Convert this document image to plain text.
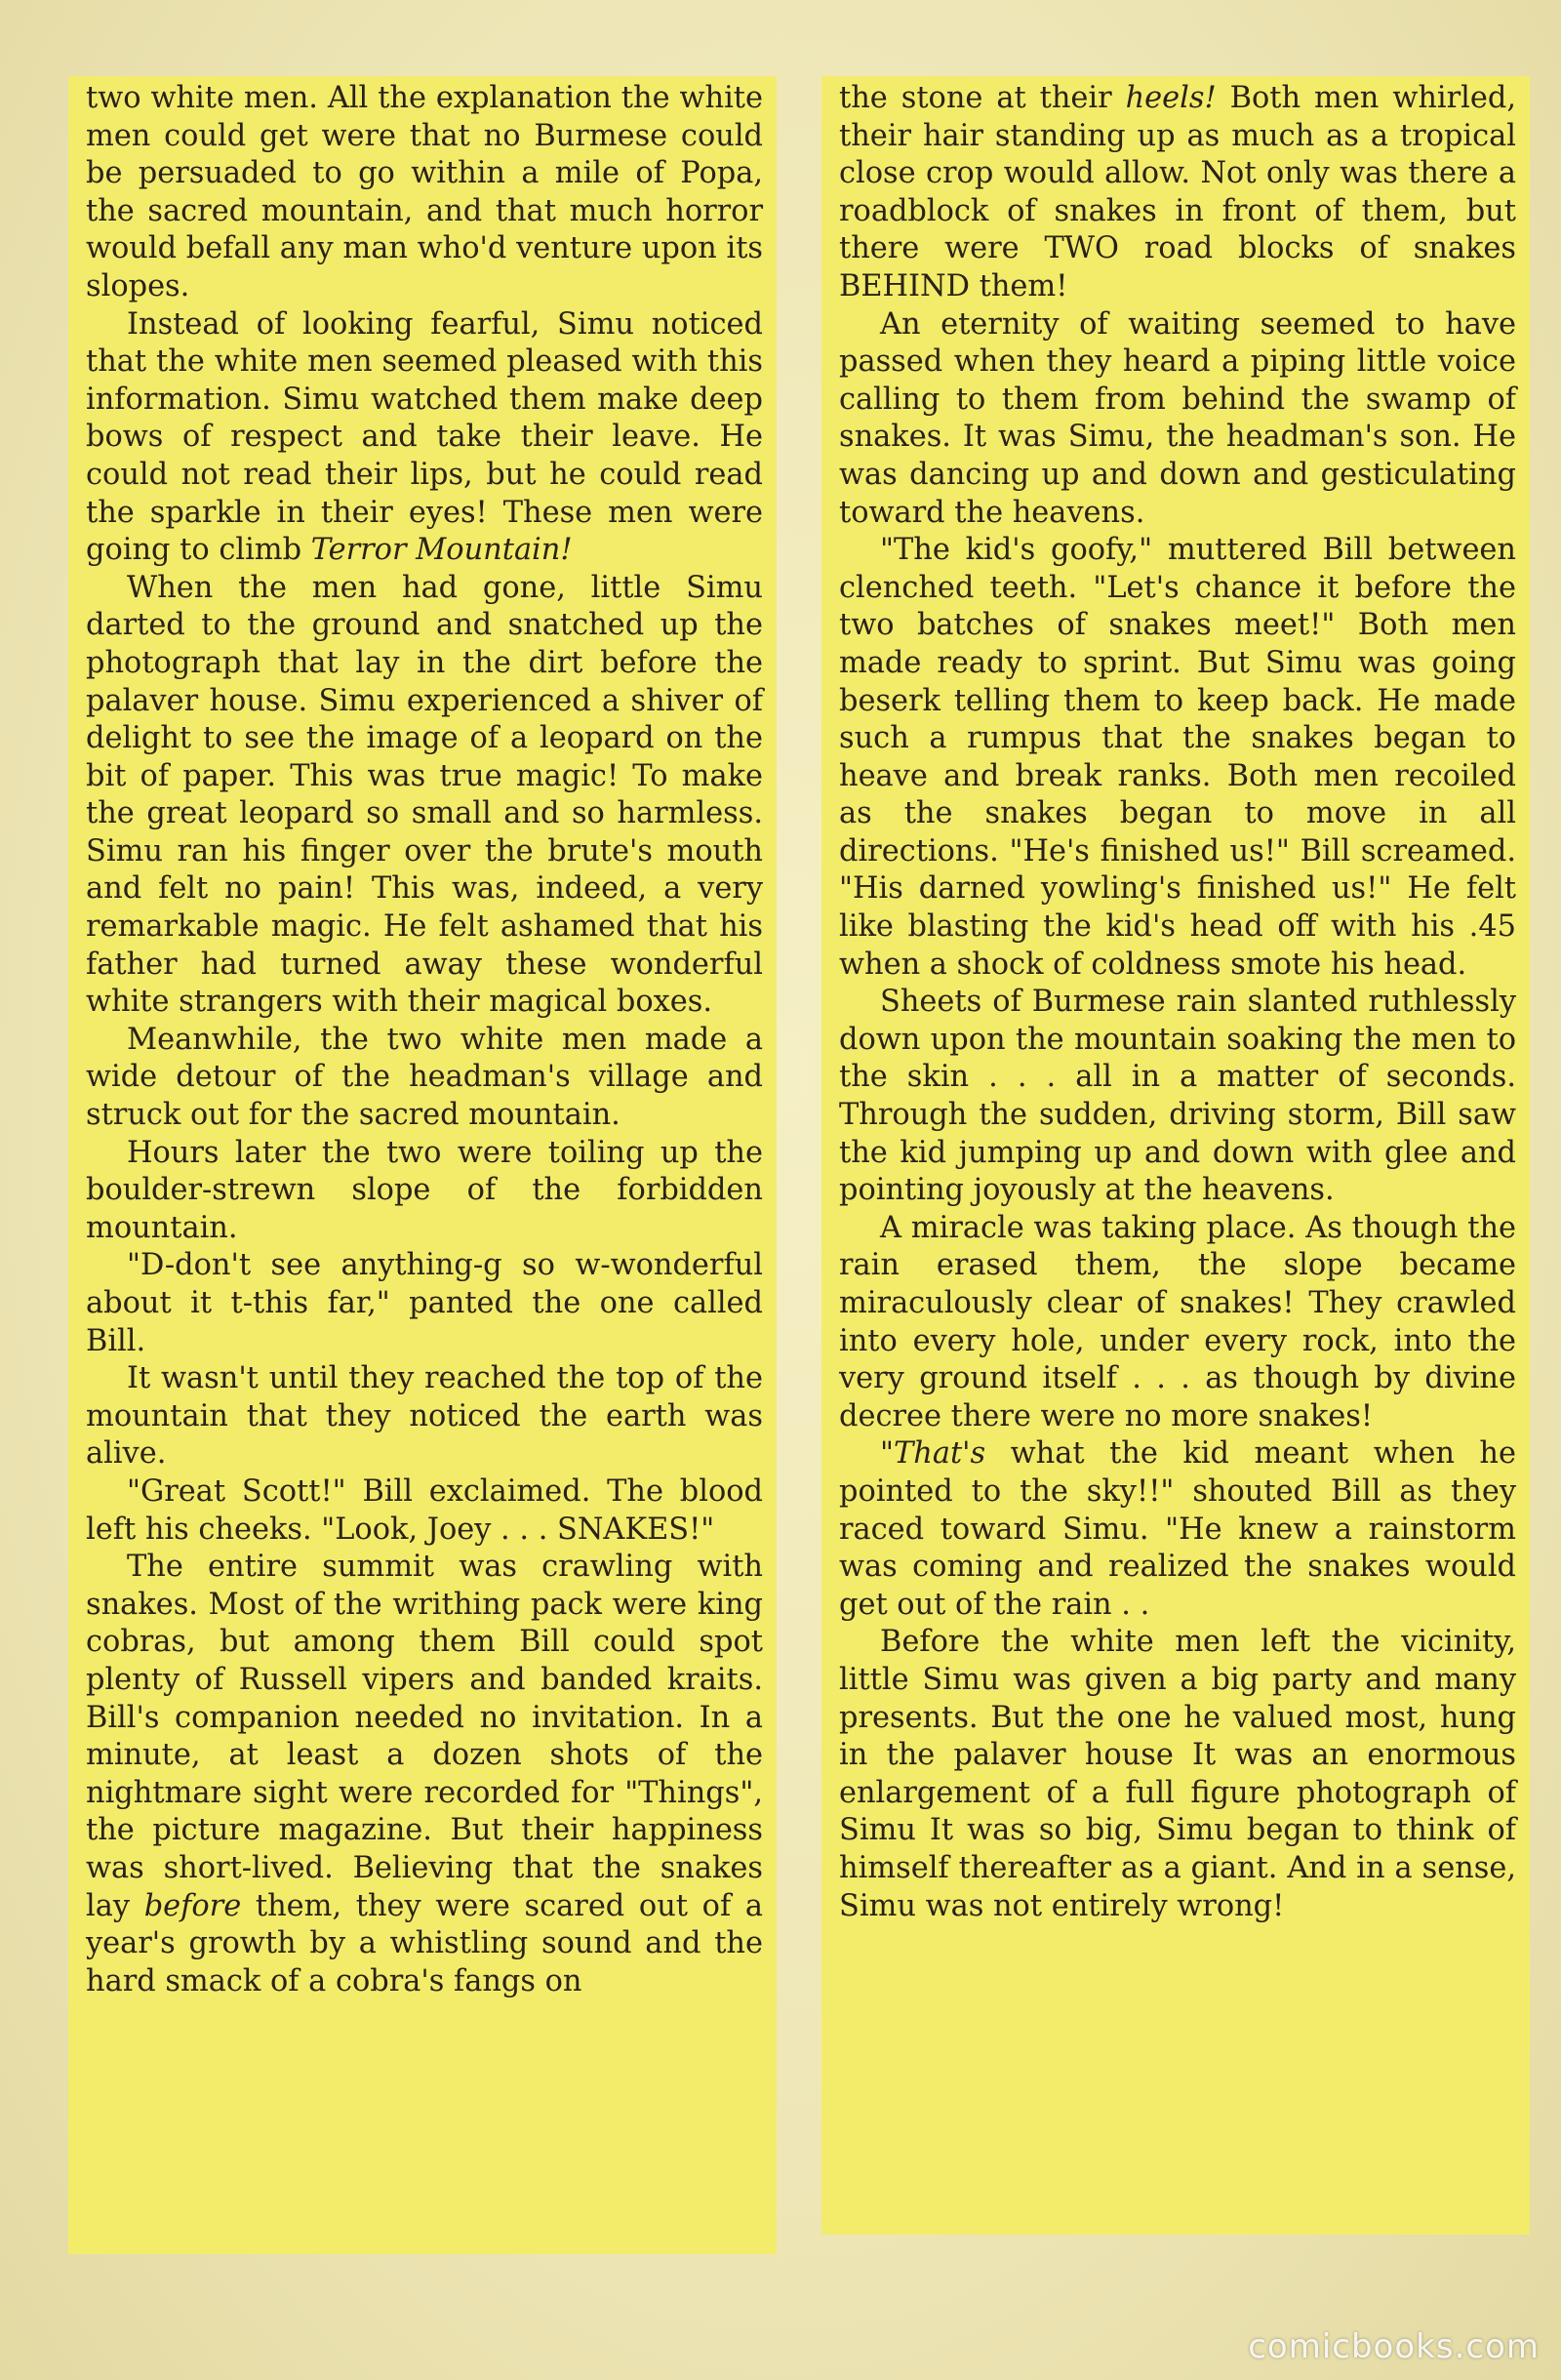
two white men. All the explanation the white men could get were that no Burmese could be persuaded to go within a mile of Popa, the sacred mountain, and that much horror would befall any man who'd venture upon its slopes.

Instead of looking fearful, Simu noticed that the white men seemed pleased with this information. Simu watched them make deep bows of respect and take their leave. He could not read their lips, but he could read the sparkle in their eyes! These men were going to climb Terror Mountain!

When the men had gone, little Simu darted to the ground and snatched up the photograph that lay in the dirt before the palaver house. Simu experienced a shiver of delight to see the image of a leopard on the bit of paper. This was true magic! To make the great leopard so small and so harmless. Simu ran his finger over the brute's mouth and felt no pain! This was, indeed, a very remarkable magic. He felt ashamed that his father had turned away these wonderful white strangers with their magical boxes.

Meanwhile, the two white men made a wide detour of the headman's village and struck out for the sacred mountain.

Hours later the two were toiling up the boulder-strewn slope of the forbidden mountain.

"D-don't see anything-g so w-wonderful about it t-this far," panted the one called Bill.

It wasn't until they reached the top of the mountain that they noticed the earth was alive.

"Great Scott!" Bill exclaimed. The blood left his cheeks. "Look, Joey . . . SNAKES!"

The entire summit was crawling with snakes. Most of the writhing pack were king cobras, but among them Bill could spot plenty of Russell vipers and banded kraits. Bill's companion needed no invitation. In a minute, at least a dozen shots of the nightmare sight were recorded for "Things", the picture magazine. But their happiness was short-lived. Believing that the snakes lay before them, they were scared out of a year's growth by a whistling sound and the hard smack of a cobra's fangs on

the stone at their heels! Both men whirled, their hair standing up as much as a tropical close crop would allow. Not only was there a roadblock of snakes in front of them, but there were TWO road blocks of snakes BEHIND them!

An eternity of waiting seemed to have passed when they heard a piping little voice calling to them from behind the swamp of snakes. It was Simu, the headman's son. He was dancing up and down and gesticulating toward the heavens.

"The kid's goofy," muttered Bill between clenched teeth. "Let's chance it before the two batches of snakes meet!" Both men made ready to sprint. But Simu was going beserk telling them to keep back. He made such a rumpus that the snakes began to heave and break ranks. Both men recoiled as the snakes began to move in all directions. "He's finished us!" Bill screamed. "His darned yowling's finished us!" He felt like blasting the kid's head off with his .45 when a shock of coldness smote his head.

Sheets of Burmese rain slanted ruthlessly down upon the mountain soaking the men to the skin . . . all in a matter of seconds. Through the sudden, driving storm, Bill saw the kid jumping up and down with glee and pointing joyously at the heavens.

A miracle was taking place. As though the rain erased them, the slope became miraculously clear of snakes! They crawled into every hole, under every rock, into the very ground itself . . . as though by divine decree there were no more snakes!

"That's what the kid meant when he pointed to the sky!!" shouted Bill as they raced toward Simu. "He knew a rainstorm was coming and realized the snakes would get out of the rain . .

Before the white men left the vicinity, little Simu was given a big party and many presents. But the one he valued most, hung in the palaver house It was an enormous enlargement of a full figure photograph of Simu It was so big, Simu began to think of himself thereafter as a giant. And in a sense, Simu was not entirely wrong!

comicbooks.com
